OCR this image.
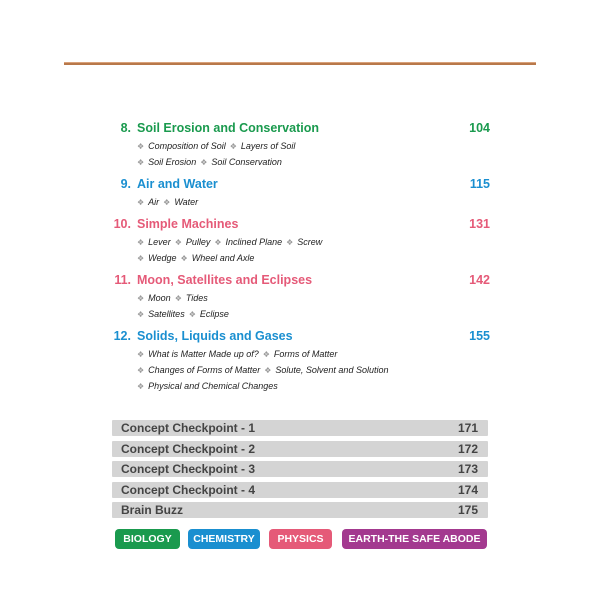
8. Soil Erosion and Conservation	104
❖ Composition of Soil ❖ Layers of Soil
❖ Soil Erosion ❖ Soil Conservation
9. Air and Water	115
❖ Air ❖ Water
10. Simple Machines	131
❖ Lever ❖ Pulley ❖ Inclined Plane ❖ Screw
❖ Wedge ❖ Wheel and Axle
11. Moon, Satellites and Eclipses	142
❖ Moon ❖ Tides
❖ Satellites ❖ Eclipse
12. Solids, Liquids and Gases	155
❖ What is Matter Made up of? ❖ Forms of Matter
❖ Changes of Forms of Matter ❖ Solute, Solvent and Solution
❖ Physical and Chemical Changes
Concept Checkpoint - 1	171
Concept Checkpoint - 2	172
Concept Checkpoint - 3	173
Concept Checkpoint - 4	174
Brain Buzz	175
BIOLOGY	CHEMISTRY	PHYSICS	EARTH-THE SAFE ABODE
